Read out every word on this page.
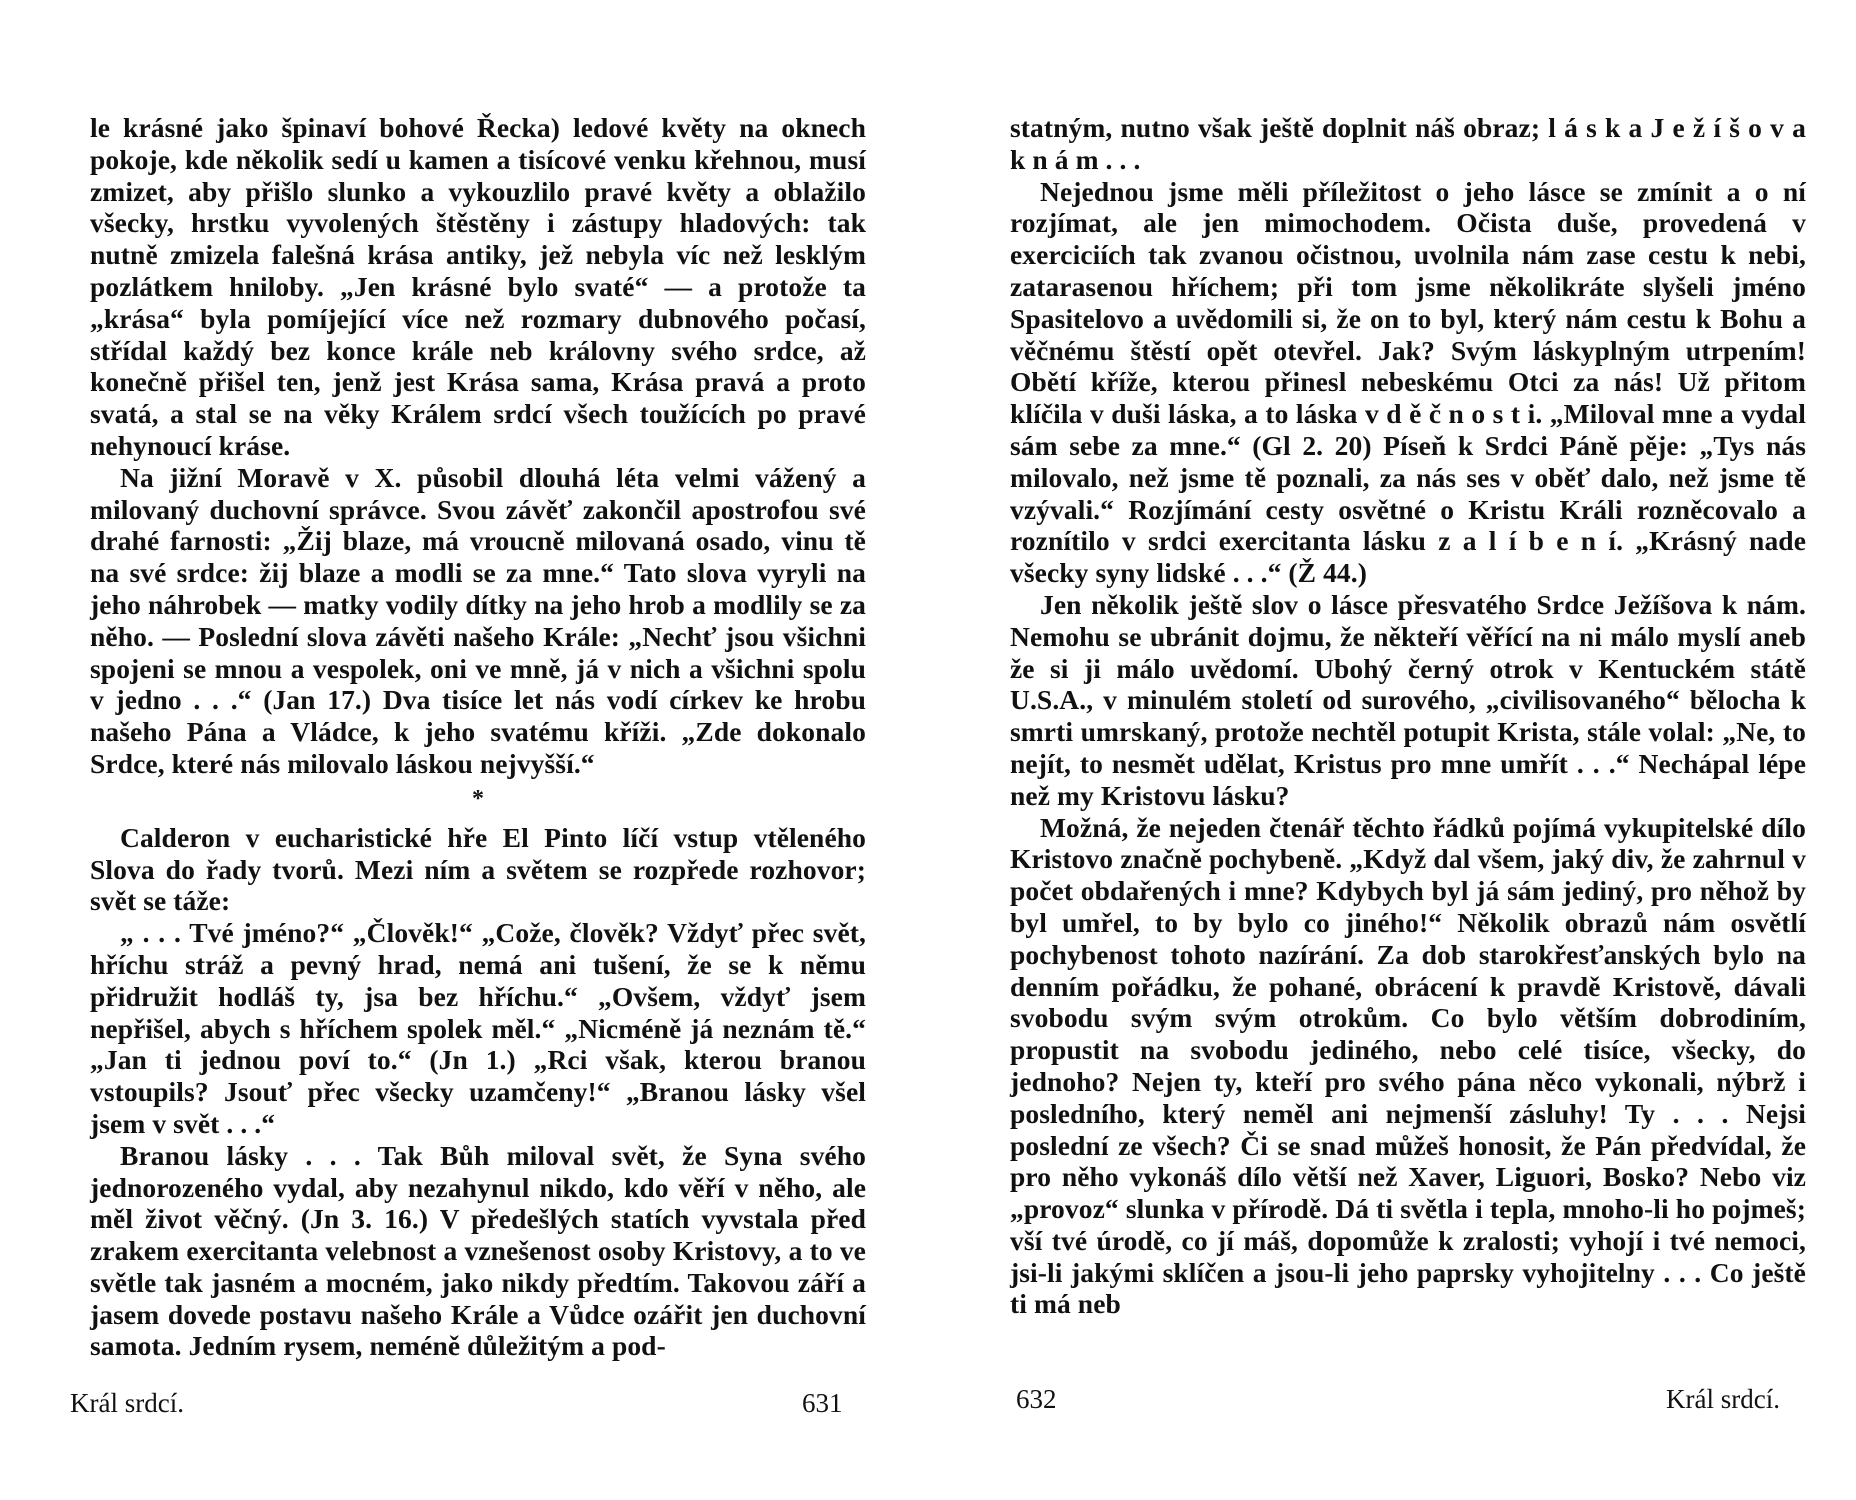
le krásné jako špinaví bohové Řecka) ledové květy na oknech pokoje, kde několik sedí u kamen a tisícové venku křehnou, musí zmizet, aby přišlo slunko a vykouzlilo pravé květy a oblažilo všecky, hrstku vyvolených štěstěny i zástupy hladových: tak nutně zmizela falešná krása antiky, jež nebyla víc než lesklým pozlátkem hniloby. „Jen krásné bylo svaté“ — a protože ta „krása“ byla pomíjející více než rozmary dubnového počasí, střídal každý bez konce krále neb královny svého srdce, až konečně přišel ten, jenž jest Krása sama, Krása pravá a proto svatá, a stal se na věky Králem srdcí všech toužících po pravé nehynoucí kráse.

Na jižní Moravě v X. působil dlouhá léta velmi vážený a milovaný duchovní správce. Svou závěť zakončil apostrofou své drahé farnosti: „Žij blaze, má vroucně milovaná osado, vinu tě na své srdce: žij blaze a modli se za mne.“ Tato slova vyryli na jeho náhrobek — matky vodily dítky na jeho hrob a modlily se za něho. — Poslední slova závěti našeho Krále: „Nechť jsou všichni spojeni se mnou a vespolek, oni ve mně, já v nich a všichni spolu v jedno . . .“ (Jan 17.) Dva tisíce let nás vodí církev ke hrobu našeho Pána a Vládce, k jeho svatému kříži. „Zde dokonalo Srdce, které nás milovalo láskou nejvyšší.“

*

Calderon v eucharistické hře El Pinto líčí vstup vtěleného Slova do řady tvorů. Mezi ním a světem se rozpřede rozhovor; svět se táže:

„ . . . Tvé jméno?“ „Člověk!“ „Cože, člověk? Vždyť přec svět, hříchu stráž a pevný hrad, nemá ani tušení, že se k němu přidružit hodláš ty, jsa bez hříchu.“ „Ovšem, vždyť jsem nepřišel, abych s hříchem spolek měl.“ „Nicméně já neznám tě.“ „Jan ti jednou poví to.“ (Jn 1.) „Rci však, kterou branou vstoupils? Jsouť přec všecky uzamčeny!“ „Branou lásky všel jsem v svět . . .“

Branou lásky . . . Tak Bůh miloval svět, že Syna svého jednorozeného vydal, aby nezahynul nikdo, kdo věří v něho, ale měl život věčný. (Jn 3. 16.) V předešlých statích vyvstala před zrakem exercitanta velebnost a vznešenost osoby Kristovy, a to ve světle tak jasném a mocném, jako nikdy předtím. Takovou září a jasem dovede postavu našeho Krále a Vůdce ozářit jen duchovní samota. Jedním rysem, neméně důležitým a pod-

Král srdcí.	631

statným, nutno však ještě doplnit náš obraz; l á s k a J e ž í š o v a k n á m . . .

Nejednou jsme měli příležitost o jeho lásce se zmínit a o ní rozjímat, ale jen mimochodem. Očista duše, provedená v exerciciích tak zvanou očistnou, uvolnila nám zase cestu k nebi, zatarasenou hříchem; při tom jsme několikráte slyšeli jméno Spasitelovo a uvědomili si, že on to byl, který nám cestu k Bohu a věčnému štěstí opět otevřel. Jak? Svým láskyplným utrpením! Obětí kříže, kterou přinesl nebeskému Otci za nás! Už přitom klíčila v duši láska, a to láska v d ě č n o s t i. „Miloval mne a vydal sám sebe za mne.“ (Gl 2. 20) Píseň k Srdci Páně pěje: „Tys nás milovalo, než jsme tě poznali, za nás ses v oběť dalo, než jsme tě vzývali.“ Rozjímání cesty osvětné o Kristu Králi rozněcovalo a roznítilo v srdci exercitanta lásku z a l í b e n í. „Krásný nade všecky syny lidské . . .“ (Ž 44.)

Jen několik ještě slov o lásce přesvatého Srdce Ježíšova k nám. Nemohu se ubránit dojmu, že někteří věřící na ni málo myslí aneb že si ji málo uvědomí. Ubohý černý otrok v Kentuckém státě U.S.A., v minulém století od surového, „civilisovaného“ bělocha k smrti umrskaný, protože nechtěl potupit Krista, stále volal: „Ne, to nejít, to nesmět udělat, Kristus pro mne umřít . . .“ Nechápal lépe než my Kristovu lásku?

Možná, že nejeden čtenář těchto řádků pojímá vykupitelské dílo Kristovo značně pochybeně. „Když dal všem, jaký div, že zahrnul v počet obdařených i mne? Kdybych byl já sám jediný, pro něhož by byl umřel, to by bylo co jiného!“ Několik obrazů nám osvětlí pochybenost tohoto nazírání. Za dob starokřesťanských bylo na denním pořádku, že pohané, obrácení k pravdě Kristově, dávali svobodu svým svým otrokům. Co bylo větším dobrodiním, propustit na svobodu jediného, nebo celé tisíce, všecky, do jednoho? Nejen ty, kteří pro svého pána něco vykonali, nýbrž i posledního, který neměl ani nejmenší zásluhy! Ty . . . Nejsi poslední ze všech? Či se snad můžeš honosit, že Pán předvídal, že pro něho vykonáš dílo větší než Xaver, Liguori, Bosko? Nebo viz „provoz“ slunka v přírodě. Dá ti světla i tepla, mnoho-li ho pojmeš; vší tvé úrodě, co jí máš, dopomůže k zralosti; vyhojí i tvé nemoci, jsi-li jakými sklíčen a jsou-li jeho paprsky vyhojitelny . . . Co ještě ti má neb

632	Král srdcí.
